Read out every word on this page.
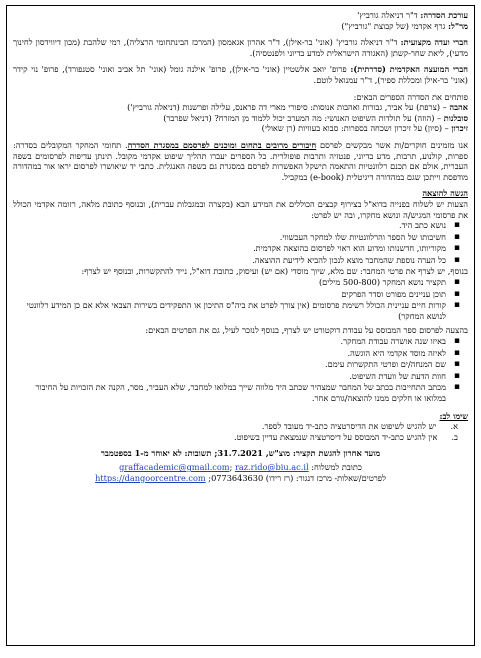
עורכת הסדרה: ד"ר דניאלה גורביץ'

מר"ל: גרף אקדמי (של קבוצת "גורביץ")

חברי ועדה מקצועית: ד"ר דניאלה גורביץ' (אוני' בר-אילן), ד"ר אהרון אגאמסון (המרכז הבינתחומי הרצליה), רמי שלהבת (מכון דיווידסון לחינוך מדעי), ליאת שחר-קשתן (האגודה הישראלית למדע בדיוני ולפנטסיה).

חברי המועצה האקדמית (סדרתית): פרופ' יואב אלשטיין (אוני' בר-אילן), פרופ' אילנה גומל (אוני' תל אביב ואוני' סטנפורד), פרופ' נוי קידר (אוני' בר-אילן ומכללת ספיר), ד"ר עמנואל לוטם.

פותחים את הסדרה הספרים הבאים:

אהבה – (צרפת) על אביר, גבורות ואהבות אנוסות: סיפורי מארי דה פראנס, עלילה ופרשנות (דניאלה גורביץ')

סובלנות – (הוזה) על תולדות השיפוט האנושי: מה המערב יכול ללמוד מן המזרח? (דניאל שפרבר)

זיכרון – (סיון) על זיכרון ושכחה בספרות: סבוא בעוויות (רן שאולי)

אנו מזמינים חוקרים/ות אשר מבקשים לפרסם חיבורים מרובים בתחום ומוכנים לפרסמם במסגרת הסדרה. תחומי המחקר המקובלים בסדרה: ספרות, קולנוע, תרבות, מדע בדיוני, פנטזיה ותרבות פופולרית. כל הספרים יעברו תהליך שיפוט אקדמי מקובל. תינתן עדיפות לפרסומים בשפה העברית, אולם אם תכנם רלוונטיות והתאמה תישקל האפשרות לפרסם במסגרת גם בשפה האנגלית. כתבי יד שיאושרו לפרסום יראו אור במהדורה מודפסת וייתכן שגם במהדורה דיגיטלית (e-book) במקביל.

הגשה להוצאה

הצעות יש לשלוח בפנייה בדוא"ל בצירוף קבצים הכוללים את המידע הבא (בקצרה ובמגבלות עברית), ובנוסף כתובת מלאה, רזומה אקדמי הכולל את פרסומי המגיש/ה ונושא מחקרו, ובה יש לפרט:

▪ נושא כתב היד.
▪ חשיבותו של הספר והרלוונטיות שלו למחקר העכשווי.
▪ מקוריותו, חדשנותו ומדוע הוא ראוי לפרסום בהוצאה אקדמית.
▪ כל הערה נוספת שהמחבר מוצא לנכון להביא לידיעת ההוצאה.

בנוסף, יש לצרף את פרטי המחבר: שם מלא, שיוך מוסדי (אם יש) ועיסוק, כתובת דוא"ל, נייד להתקשרות, ובנוסף יש לצרף:

▪ תקציר נושא המחקר (500-800 מילים)
▪ תוכן עניינים מפורט וסדר הפרקים
▪ קורות חיים עניינית הכולל רשימת פרסומים (אין צורך לפרט את ביה"ס התיכון או התפקידים בשירות הצבאי אלא אם כן המידע רלוונטי לנושא המחקר)

בהצעה לפרסום ספר המבוסס על עבודת דוקטורט יש לצרף, בנוסף לנזכר לעיל, גם את הפרטים הבאים:

▪ באיזו שנה אושרה עבודת המחקר.
▪ לאיזה מוסד אקדמי היא הוגשה.
▪ שם המנחה/ים ופרטי התקשרות עימם.
▪ חוות הדעת של וועדת השיפוט.
▪ מכתב התחייבות בכתב של המחבר שמצהיר שכתב היד מלווה שייך במלואו למחבר, שלא העביר, מסר, הקנה את הזכויות על החיבור במלואו או חלקים ממנו להוצאה/גורם אחר.

שימו לב:

א.
יש להגיש לשיפוט את הדיסרטציה כתב-יד מעובד לספר.
ב.
אין להגיש כתב-יד המבוסס על דיסרטציה שנמצאת עדיין בשיפוט.

מועד אחרון להגשת תקציר: מוצ"ש, 31.7.2021; תשובות: לא יאוחר מ-1 בספטמבר

כתובת למשלוח: graffacademic@gmail.com; raz.rido@biu.ac.il

לפרטים/שאלות- מרכז דנגור: (רז רידו) 0773643630; https://dangoorcentre.com
